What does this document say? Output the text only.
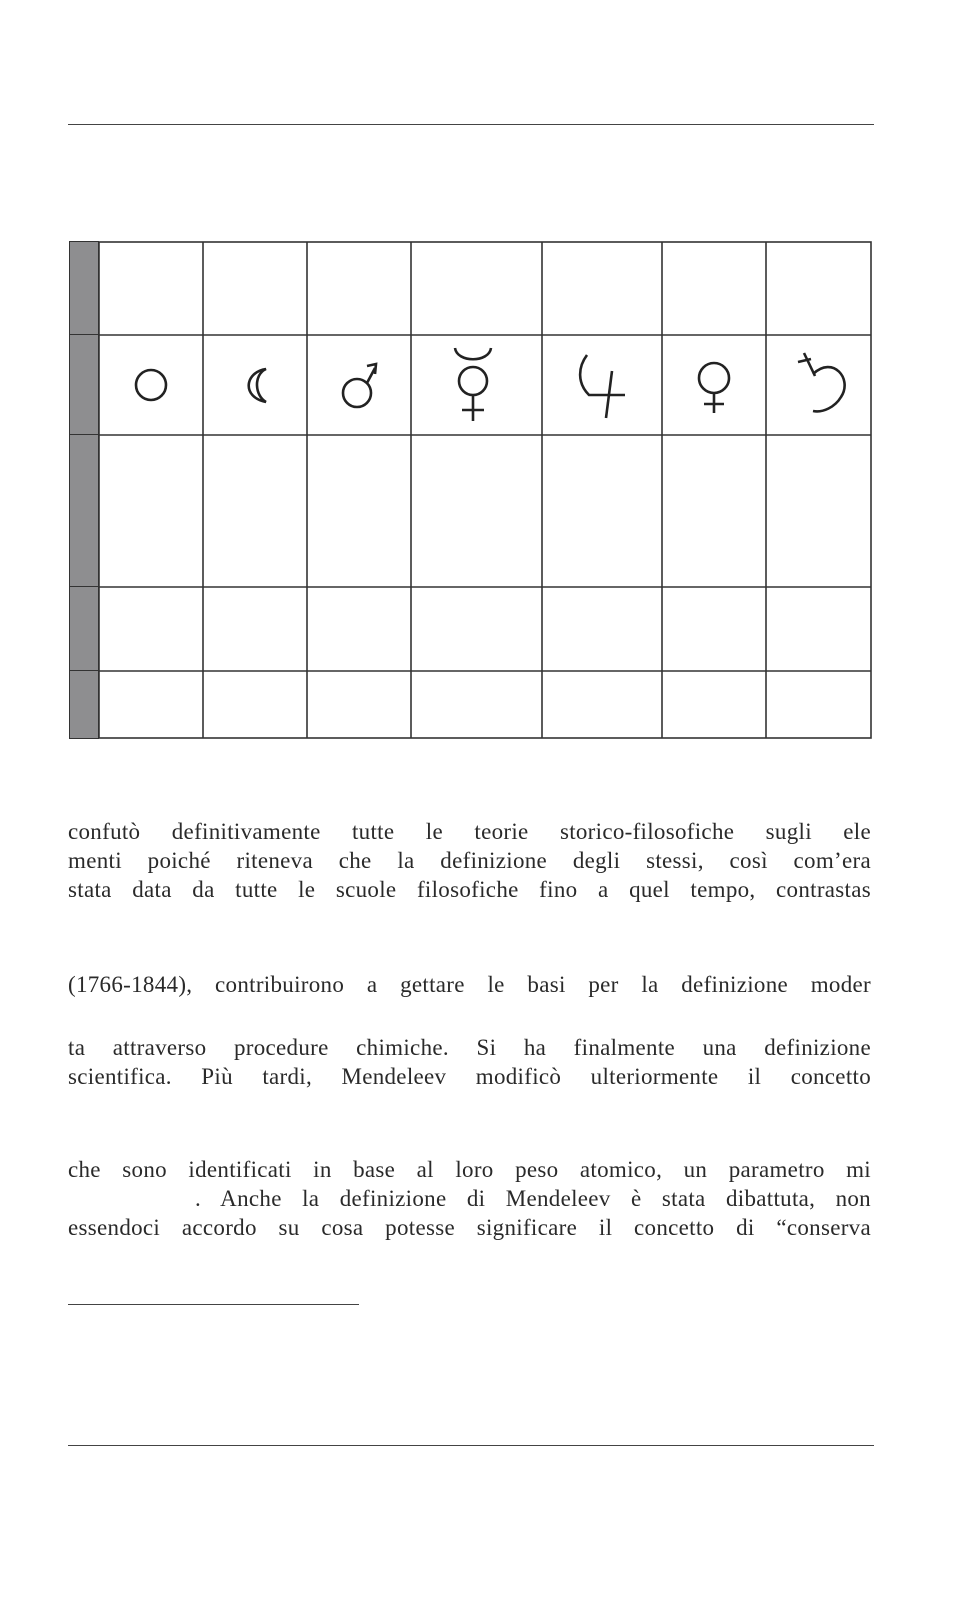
confutò definitivamente tutte le teorie storico-filosofiche sugli ele
menti poiché riteneva che la definizione degli stessi, così com’era
stata data da tutte le scuole filosofiche fino a quel tempo, contrastas
(1766-1844), contribuirono a gettare le basi per la definizione moder
ta attraverso procedure chimiche. Si ha finalmente una definizione
scientifica. Più tardi, Mendeleev modificò ulteriormente il concetto
che sono identificati in base al loro peso atomico, un parametro mi
. Anche la definizione di Mendeleev è stata dibattuta, non
essendoci accordo su cosa potesse significare il concetto di “conserva
